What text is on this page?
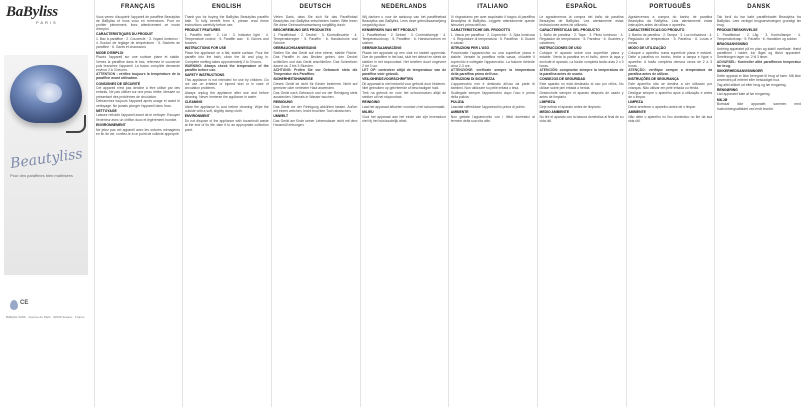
BaByliss
PARIS
Beautyliss
Pour des paraffines bien maîtrisées
CE
BaByliss SARL · Avenue de Paris · 92330 Sceaux · France
FRANÇAIS
Vous venez d'acquérir l'appareil de paraffine Beautyliss de BaByliss et nous vous en remercions. Pour en profiter pleinement, lisez attentivement ce mode d'emploi.
CARACTERISTIQUES DU PRODUIT
1. Bac à paraffine · 2. Couvercle · 3. Voyant lumineux · 4. Bouton de réglage de température · 5. Sachets de paraffine · 6. Gants et chaussons
MODE D'EMPLOI
Placez l'appareil sur une surface plane et stable. Versez la paraffine dans le bac, refermez le couvercle puis branchez l'appareil. La fusion complète demande environ 2 à 3 heures.
ATTENTION : vérifiez toujours la température de la paraffine avant utilisation.
CONSIGNES DE SÉCURITÉ
Cet appareil n'est pas destiné à être utilisé par des enfants. Ne pas utiliser sur une peau irritée, blessée ou présentant des problèmes de circulation.
Débranchez toujours l'appareil après usage et avant le nettoyage. Ne jamais plonger l'appareil dans l'eau.
NETTOYAGE
Laissez refroidir l'appareil avant de le nettoyer. Essuyez l'extérieur avec un chiffon doux et légèrement humide.
ENVIRONNEMENT
Ne jetez pas cet appareil avec les ordures ménagères en fin de vie, confiez-le à un point de collecte approprié.
ENGLISH
Thank you for buying the BaByliss Beautyliss paraffin bath. To fully benefit from it, please read these instructions carefully before use.
PRODUCT FEATURES
1. Paraffin bath · 2. Lid · 3. Indicator light · 4. Temperature control · 5. Paraffin wax · 6. Gloves and bootees
INSTRUCTIONS FOR USE
Place the appliance on a flat, stable surface. Pour the paraffin into the bath, close the lid and plug in. Complete melting takes approximately 2 to 3 hours.
WARNING: Always check the temperature of the paraffin before use.
SAFETY INSTRUCTIONS
This appliance is not intended for use by children. Do not use on irritated or injured skin or in case of circulation problems.
Always unplug the appliance after use and before cleaning. Never immerse the appliance in water.
CLEANING
Allow the appliance to cool before cleaning. Wipe the outside with a soft, slightly damp cloth.
ENVIRONMENT
Do not dispose of the appliance with household waste at the end of its life; take it to an appropriate collection point.
DEUTSCH
Vielen Dank, dass Sie sich für das Paraffinbad Beautyliss von BaByliss entschieden haben. Bitte lesen Sie diese Gebrauchsanweisung sorgfältig durch.
BESCHREIBUNG DES PRODUKTES
1. Paraffinbad · 2. Deckel · 3. Kontrollleuchte · 4. Temperaturregler · 5. Paraffin · 6. Handschuhe und Schuhe
GEBRAUCHSANWEISUNG
Stellen Sie das Gerät auf eine ebene, stabile Fläche. Das Paraffin in das Becken geben, den Deckel schließen und das Gerät anschließen. Das Schmelzen dauert ca. 2 bis 3 Stunden.
ACHTUNG: Prüfen Sie vor Gebrauch stets die Temperatur des Paraffins.
SICHERHEITSHINWEISE
Dieses Gerät ist nicht für Kinder bestimmt. Nicht auf gereizter oder verletzter Haut anwenden.
Das Gerät nach Gebrauch und vor der Reinigung stets ausstecken. Niemals in Wasser tauchen.
REINIGUNG
Das Gerät vor der Reinigung abkühlen lassen. Außen mit einem weichen, leicht feuchten Tuch abwischen.
UMWELT
Das Gerät am Ende seiner Lebensdauer nicht mit dem Hausmüll entsorgen.
NEDERLANDS
Wij danken u voor de aankoop van het paraffinebad Beautyliss van BaByliss. Lees deze gebruiksaanwijzing zorgvuldig door.
KENMERKEN VAN HET PRODUCT
1. Paraffinebad · 2. Deksel · 3. Controlelampje · 4. Temperatuurknop · 5. Paraffine · 6. Handschoenen en sokken
GEBRUIKSAANWIJZING
Plaats het apparaat op een vlak en stabiel oppervlak. Doe de paraffine in het bad, sluit het deksel en steek de stekker in het stopcontact. Het smelten duurt ongeveer 2 tot 3 uur.
LET OP: controleer altijd de temperatuur van de paraffine vóór gebruik.
VEILIGHEIDSVOORSCHRIFTEN
Dit apparaat is niet bedoeld voor gebruik door kinderen. Niet gebruiken op geïrriteerde of beschadigde huid.
Trek na gebruik en vóór het schoonmaken altijd de stekker uit het stopcontact.
REINIGING
Laat het apparaat afkoelen voordat u het schoonmaakt.
MILIEU
Gooi het apparaat aan het einde van zijn levensduur niet bij het huishoudelijk afval.
ITALIANO
Vi ringraziamo per aver acquistato il bagno di paraffina Beautyliss di BaByliss. Leggete attentamente queste istruzioni prima dell'uso.
CARATTERISTICHE DEL PRODOTTO
1. Vasca per paraffina · 2. Coperchio · 3. Spia luminosa · 4. Regolatore di temperatura · 5. Paraffina · 6. Guanti e calzari
ISTRUZIONI PER L'USO
Posizionate l'apparecchio su una superficie piana e stabile. Versate la paraffina nella vasca, chiudete il coperchio e collegate l'apparecchio. La fusione richiede circa 2-3 ore.
ATTENZIONE: verificate sempre la temperatura della paraffina prima dell'uso.
ISTRUZIONI DI SICUREZZA
L'apparecchio non è destinato all'uso da parte di bambini. Non utilizzare su pelle irritata o lesa.
Scollegate sempre l'apparecchio dopo l'uso e prima della pulizia.
PULIZIA
Lasciate raffreddare l'apparecchio prima di pulirlo.
AMBIENTE
Non gettate l'apparecchio con i rifiuti domestici al termine della sua vita utile.
ESPAÑOL
Le agradecemos la compra del baño de parafina Beautyliss de BaByliss. Lea atentamente estas instrucciones antes de utilizarlo.
CARACTERÍSTICAS DEL PRODUCTO
1. Baño de parafina · 2. Tapa · 3. Piloto luminoso · 4. Regulador de temperatura · 5. Parafina · 6. Guantes y calcetines
INSTRUCCIONES DE USO
Coloque el aparato sobre una superficie plana y estable. Vierta la parafina en el baño, cierre la tapa y enchufe el aparato. La fusión completa tarda unas 2 o 3 horas.
ATENCIÓN: compruebe siempre la temperatura de la parafina antes de usarla.
CONSEJOS DE SEGURIDAD
Este aparato no está destinado al uso por niños. No utilizar sobre piel irritada o herida.
Desenchufe siempre el aparato después de usarlo y antes de limpiarlo.
LIMPIEZA
Deje enfriar el aparato antes de limpiarlo.
MEDIO AMBIENTE
No tire el aparato con la basura doméstica al final de su vida útil.
PORTUGUÊS
Agradecemos a compra do banho de parafina Beautyliss da BaByliss. Leia atentamente estas instruções antes de utilizar o aparelho.
CARACTERÍSTICAS DO PRODUTO
1. Banho de parafina · 2. Tampa · 3. Luz indicadora · 4. Regulador de temperatura · 5. Parafina · 6. Luvas e meias
MODO DE UTILIZAÇÃO
Coloque o aparelho numa superfície plana e estável. Deite a parafina no banho, feche a tampa e ligue o aparelho. A fusão completa demora cerca de 2 a 3 horas.
ATENÇÃO: verifique sempre a temperatura da parafina antes de utilizar.
INSTRUÇÕES DE SEGURANÇA
Este aparelho não se destina a ser utilizado por crianças. Não utilizar em pele irritada ou ferida.
Desligue sempre o aparelho após a utilização e antes de o limpar.
LIMPEZA
Deixe arrefecer o aparelho antes de o limpar.
AMBIENTE
Não deite o aparelho no lixo doméstico no fim da sua vida útil.
DANSK
Tak fordi du har købt paraffinbadet Beautyliss fra BaByliss. Læs venligst brugsanvisningen grundigt før brug.
PRODUKTBESKRIVELSE
1. Paraffinbad · 2. Låg · 3. Kontrollampe · 4. Temperaturknap · 5. Paraffin · 6. Handsker og sokker
BRUGSANVISNING
Anbring apparatet på en plan og stabil overflade. Hæld paraffinen i badet, luk låget og tilslut apparatet. Smeltningen tager ca. 2 til 3 timer.
ADVARSEL: Kontroller altid paraffinens temperatur før brug.
SIKKERHEDSANVISNINGER
Dette apparat er ikke beregnet til brug af børn. Må ikke anvendes på irriteret eller beskadiget hud.
Tag altid stikket ud efter brug og før rengøring.
RENGØRING
Lad apparatet køle af før rengøring.
MILJØ
Bortskaf ikke apparatet sammen med husholdningsaffaldet ved endt levetid.
